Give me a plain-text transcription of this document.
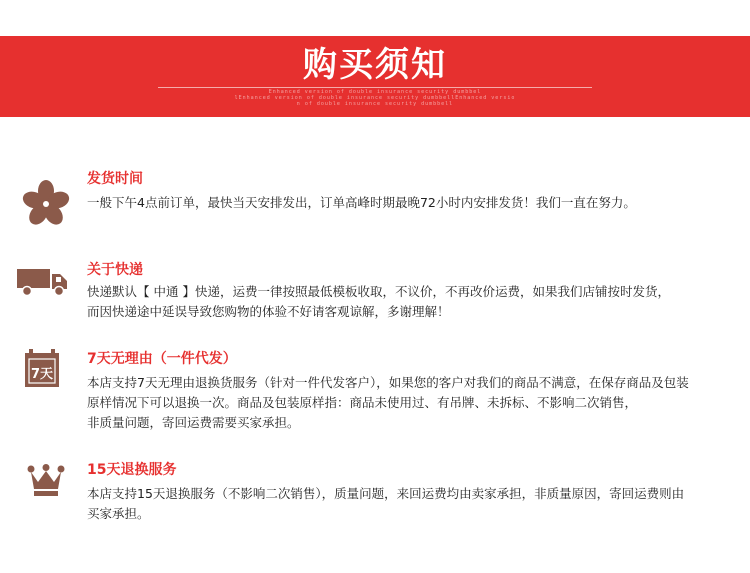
购买须知
Enhanced version of double insurance security dumbbel
lEnhanced version of double insurance security dumbbellEnhanced versio
n of double insurance security dumbbell
发货时间
一般下午4点前订单，最快当天安排发出，订单高峰时期最晚72小时内安排发货！我们一直在努力。
关于快递
快递默认【 中通 】快递，运费一律按照最低模板收取，不议价，不再改价运费，如果我们店铺按时发货，
而因快递途中延误导致您购物的体验不好请客观谅解，多谢理解！
7天
7天无理由（一件代发）
本店支持7天无理由退换货服务（针对一件代发客户），如果您的客户对我们的商品不满意，在保存商品及包装
原样情况下可以退换一次。商品及包装原样指：商品未使用过、有吊牌、未拆标、不影响二次销售，
非质量问题，寄回运费需要买家承担。
15天退换服务
本店支持15天退换服务（不影响二次销售），质量问题，来回运费均由卖家承担，非质量原因，寄回运费则由
买家承担。
